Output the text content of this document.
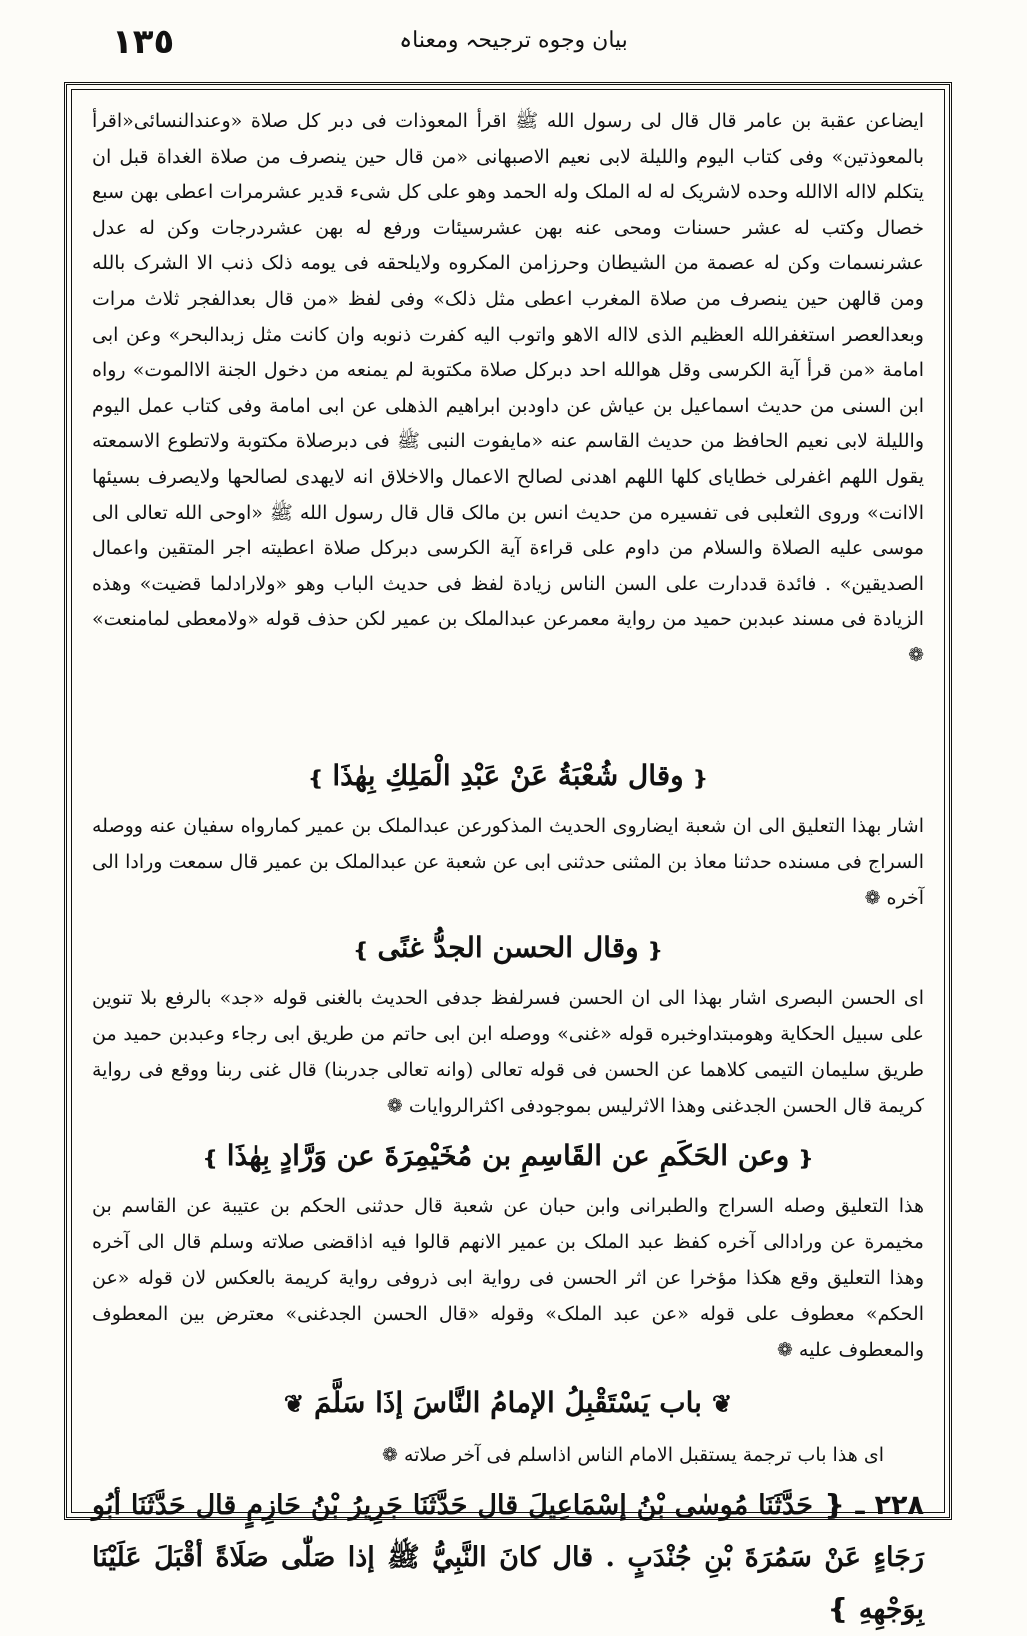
١٣٥	بیان وجوه ترجیحہ ومعناہ

ایضاعن عقبة بن عامر قال قال لی رسول الله ﷺ اقرأ المعوذات فی دبر کل صلاة «وعندالنسائی«اقرأ بالمعوذتین» وفی کتاب الیوم واللیلة لابی نعیم الاصبهانی «من قال حین ینصرف من صلاة الغداة قبل ان یتکلم لااله الاالله وحده لاشریک له له الملک وله الحمد وهو علی کل شیء قدیر عشرمرات اعطی بهن سبع خصال وکتب له عشر حسنات ومحی عنه بهن عشرسیئات ورفع له بهن عشردرجات وکن له عدل عشرنسمات وکن له عصمة من الشیطان وحرزامن المکروه ولایلحقه فی یومه ذلک ذنب الا الشرک بالله ومن قالهن حین ینصرف من صلاة المغرب اعطی مثل ذلک» وفی لفظ «من قال بعدالفجر ثلاث مرات وبعدالعصر استغفرالله العظیم الذی لااله الاهو واتوب الیه کفرت ذنوبه وان کانت مثل زبدالبحر» وعن ابی امامة «من قرأ آیة الکرسی وقل هوالله احد دبرکل صلاة مکتوبة لم یمنعه من دخول الجنة الاالموت» رواه ابن السنی من حدیث اسماعیل بن عیاش عن داودبن ابراهیم الذهلی عن ابی امامة وفی کتاب عمل الیوم واللیلة لابی نعیم الحافظ من حدیث القاسم عنه «مایفوت النبی ﷺ فی دبرصلاة مکتوبة ولاتطوع الاسمعته یقول اللهم اغفرلی خطایای کلها اللهم اهدنی لصالح الاعمال والاخلاق انه لایهدی لصالحها ولایصرف بسیئها الاانت» وروی الثعلبی فی تفسیره من حدیث انس بن مالک قال قال رسول الله ﷺ «اوحی الله تعالی الی موسی علیه الصلاة والسلام من داوم علی قراءة آیة الکرسی دبرکل صلاة اعطیته اجر المتقین واعمال الصدیقین» . فائدة قددارت علی السن الناس زیادة لفظ فی حدیث الباب وهو «ولارادلما قضیت» وهذه الزیادة فی مسند عبدبن حمید من روایة معمرعن عبدالملک بن عمیر لکن حذف قوله «ولامعطی لمامنعت» ❁

❴وقال شُعْبَةُ عَنْ عَبْدِ الْمَلِكِ بِهٰذَا❵

اشار بهذا التعلیق الی ان شعبة ایضاروی الحدیث المذکورعن عبدالملک بن عمیر کمارواه سفیان عنه ووصله السراج فی مسنده حدثنا معاذ بن المثنی حدثنی ابی عن شعبة عن عبدالملک بن عمیر قال سمعت ورادا الی آخره ❁

❴وقال الحسن الجدُّ غنًی❵

ای الحسن البصری اشار بهذا الی ان الحسن فسرلفظ جدفی الحدیث بالغنی قوله «جد» بالرفع بلا تنوین علی سبیل الحکایة وهومبتداوخبره قوله «غنی» ووصله ابن ابی حاتم من طریق ابی رجاء وعبدبن حمید من طریق سلیمان التیمی کلاهما عن الحسن فی قوله تعالی (وانه تعالی جدربنا) قال غنی ربنا ووقع فی روایة کریمة قال الحسن الجدغنی وهذا الاثرلیس بموجودفی اکثرالروایات ❁

❴وعن الحَكَمِ عن القَاسِمِ بن مُخَيْمِرَةَ عن وَرَّادٍ بِهٰذَا❵

هذا التعلیق وصله السراج والطبرانی وابن حبان عن شعبة قال حدثنی الحکم بن عتیبة عن القاسم بن مخیمرة عن ورادالی آخره کفظ عبد الملک بن عمیر الانهم قالوا فیه اذاقضی صلاته وسلم قال الی آخره وهذا التعلیق وقع هکذا مؤخرا عن اثر الحسن فی روایة ابی ذروفی روایة کریمة بالعکس لان قوله «عن الحکم» معطوف علی قوله «عن عبد الملک» وقوله «قال الحسن الجدغنی» معترض بین المعطوف والمعطوف علیه ❁

❦باب يَسْتَقْبِلُ الإمامُ النَّاسَ إذَا سَلَّمَ❦

ای هذا باب ترجمة یستقبل الامام الناس اذاسلم فی آخر صلاته ❁

٢٢٨ ـ ❴ حَدَّثَنَا مُوسٰى بْنُ إسْمَاعِيلَ قال حَدَّثَنَا جَرِيرُ بْنُ حَازِمٍ قال حَدَّثَنَا أبُو رَجَاءٍ عَنْ سَمُرَةَ بْنِ جُنْدَبٍ . قال كانَ النَّبِيُّ ﷺ إذا صَلّٰى صَلَاةً أقْبَلَ عَلَيْنَا بِوَجْهِهِ ❵
